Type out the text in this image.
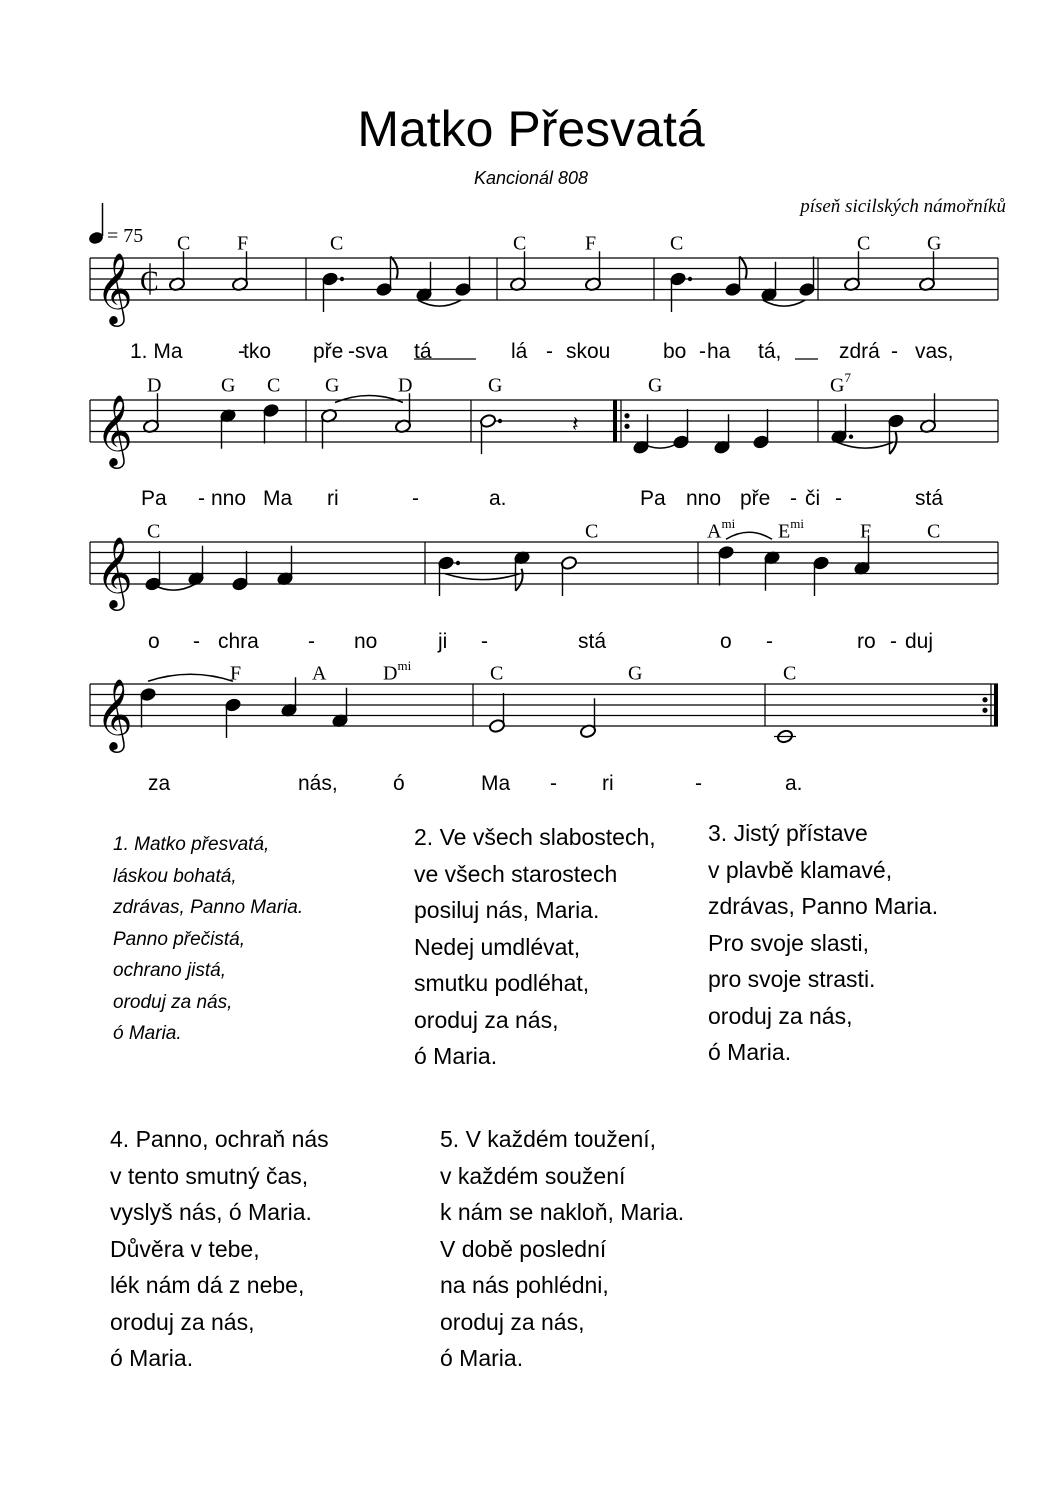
Matko Přesvatá
Kancionál 808
píseň sicilských námořníků
= 75
𝄞 C
𝄞
𝄞
𝄞
𝄽
C F	C	C	F	C	C	G
D	G C G	D	G	G	$G^7$
C	C	$A^{mi}$ $E^{mi}$	F	C
F	A	$D^{mi}$	C	G	C
1. Ma	-
tko pře - sva tá	lá - skou	bo - ha tá,	zdrá - vas,
Pa - nno Ma ri	-	a.	Pa nno pře - či -	stá
o - chra - no	ji -	stá	o -	ro - duj
za	nás,	ó	Ma - ri	-	a.
1. Matko přesvatá,
láskou bohatá,
zdrávas, Panno Maria.
Panno přečistá,
ochrano jistá,
oroduj za nás,
ó Maria.
2. Ve všech slabostech,
ve všech starostech
posiluj nás, Maria.
Nedej umdlévat,
smutku podléhat,
oroduj za nás,
ó Maria.
3. Jistý přístave
v plavbě klamavé,
zdrávas, Panno Maria.
Pro svoje slasti,
pro svoje strasti.
oroduj za nás,
ó Maria.
4. Panno, ochraň nás
v tento smutný čas,
vyslyš nás, ó Maria.
Důvěra v tebe,
lék nám dá z nebe,
oroduj za nás,
ó Maria.
5. V každém toužení,
v každém soužení
k nám se nakloň, Maria.
V době poslední
na nás pohlédni,
oroduj za nás,
ó Maria.
